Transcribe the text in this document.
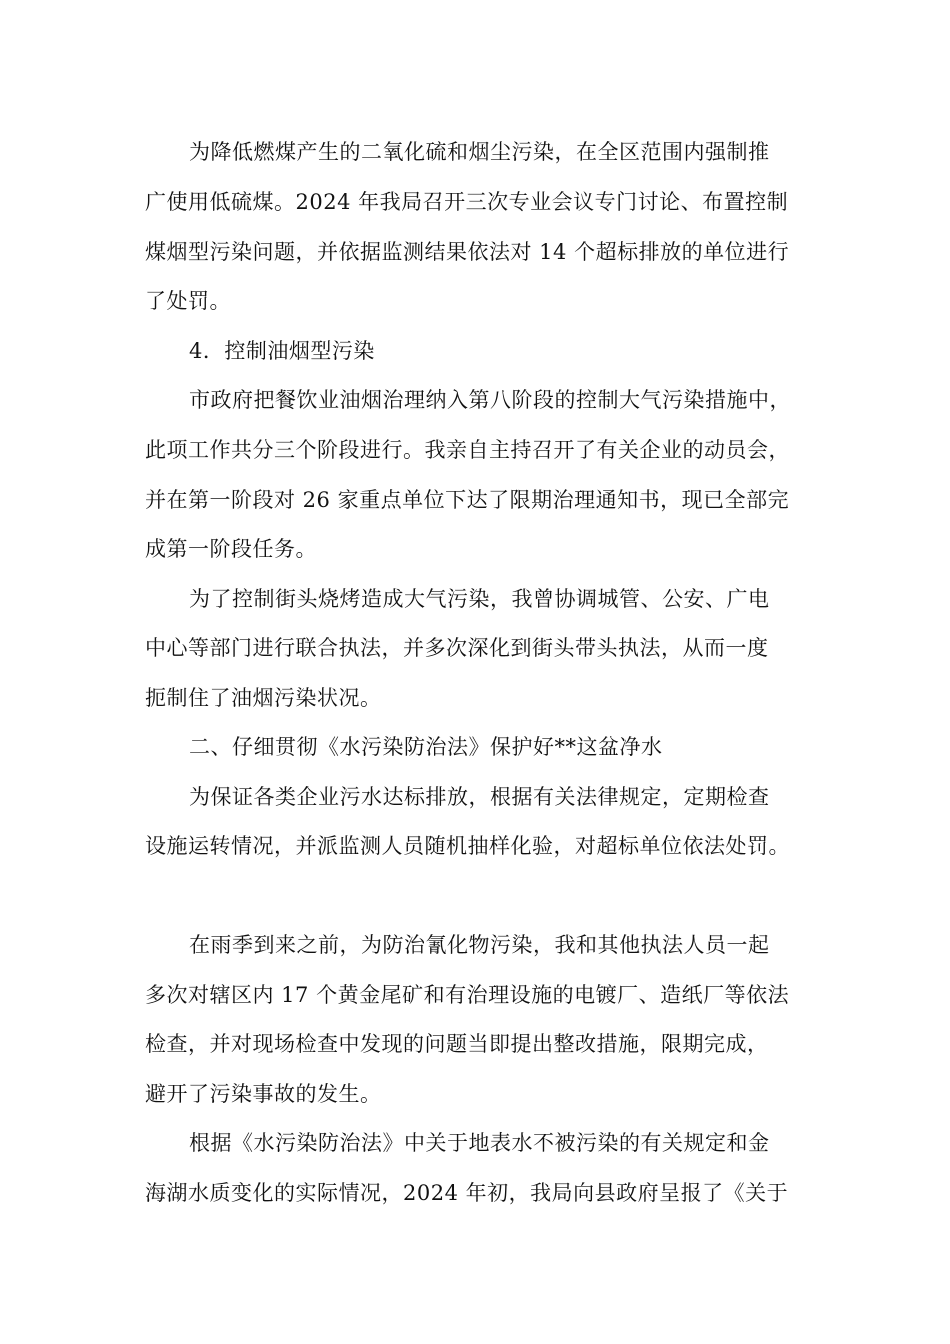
为降低燃煤产生的二氧化硫和烟尘污染，在全区范围内强制推
广使用低硫煤。2024 年我局召开三次专业会议专门讨论、布置控制
煤烟型污染问题，并依据监测结果依法对 14 个超标排放的单位进行
了处罚。
4．控制油烟型污染
市政府把餐饮业油烟治理纳入第八阶段的控制大气污染措施中，
此项工作共分三个阶段进行。我亲自主持召开了有关企业的动员会，
并在第一阶段对 26 家重点单位下达了限期治理通知书，现已全部完
成第一阶段任务。
为了控制街头烧烤造成大气污染，我曾协调城管、公安、广电
中心等部门进行联合执法，并多次深化到街头带头执法，从而一度
扼制住了油烟污染状况。
二、仔细贯彻《水污染防治法》保护好**这盆净水
为保证各类企业污水达标排放，根据有关法律规定，定期检查
设施运转情况，并派监测人员随机抽样化验，对超标单位依法处罚。
在雨季到来之前，为防治氰化物污染，我和其他执法人员一起
多次对辖区内 17 个黄金尾矿和有治理设施的电镀厂、造纸厂等依法
检查，并对现场检查中发现的问题当即提出整改措施，限期完成，
避开了污染事故的发生。
根据《水污染防治法》中关于地表水不被污染的有关规定和金
海湖水质变化的实际情况，2024 年初，我局向县政府呈报了《关于
